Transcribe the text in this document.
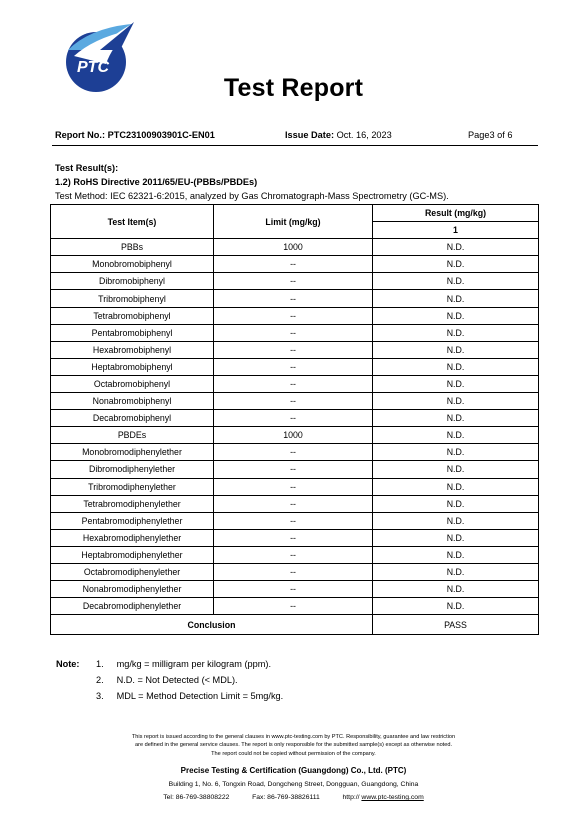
PTC
Test Report
Report No.: PTC23100903901C-EN01	Issue Date: Oct. 16, 2023	Page3 of 6
Test Result(s):
1.2) RoHS Directive 2011/65/EU-(PBBs/PBDEs)
Test Method: IEC 62321-6:2015, analyzed by Gas Chromatograph-Mass Spectrometry (GC-MS).
Test Item(s)	Limit (mg/kg)	Result (mg/kg)
		1
PBBs	1000	N.D.
Monobromobiphenyl	--	N.D.
Dibromobiphenyl	--	N.D.
Tribromobiphenyl	--	N.D.
Tetrabromobiphenyl	--	N.D.
Pentabromobiphenyl	--	N.D.
Hexabromobiphenyl	--	N.D.
Heptabromobiphenyl	--	N.D.
Octabromobiphenyl	--	N.D.
Nonabromobiphenyl	--	N.D.
Decabromobiphenyl	--	N.D.
PBDEs	1000	N.D.
Monobromodiphenylether	--	N.D.
Dibromodiphenylether	--	N.D.
Tribromodiphenylether	--	N.D.
Tetrabromodiphenylether	--	N.D.
Pentabromodiphenylether	--	N.D.
Hexabromodiphenylether	--	N.D.
Heptabromodiphenylether	--	N.D.
Octabromodiphenylether	--	N.D.
Nonabromodiphenylether	--	N.D.
Decabromodiphenylether	--	N.D.
Conclusion		PASS
Note: 1. mg/kg = milligram per kilogram (ppm).
2. N.D. = Not Detected (< MDL).
3. MDL = Method Detection Limit = 5mg/kg.
This report is issued according to the general clauses in www.ptc-testing.com by PTC. Responsibility, guarantee and law restriction
are defined in the general service clauses. The report is only responsible for the submitted sample(s) except as otherwise noted.
The report could not be copied without permission of the company.
Precise Testing & Certification (Guangdong) Co., Ltd. (PTC)
Building 1, No. 6, Tongxin Road, Dongcheng Street, Dongguan, Guangdong, China
Tel: 86-769-38808222	Fax: 86-769-38826111	http:// www.ptc-testing.com
